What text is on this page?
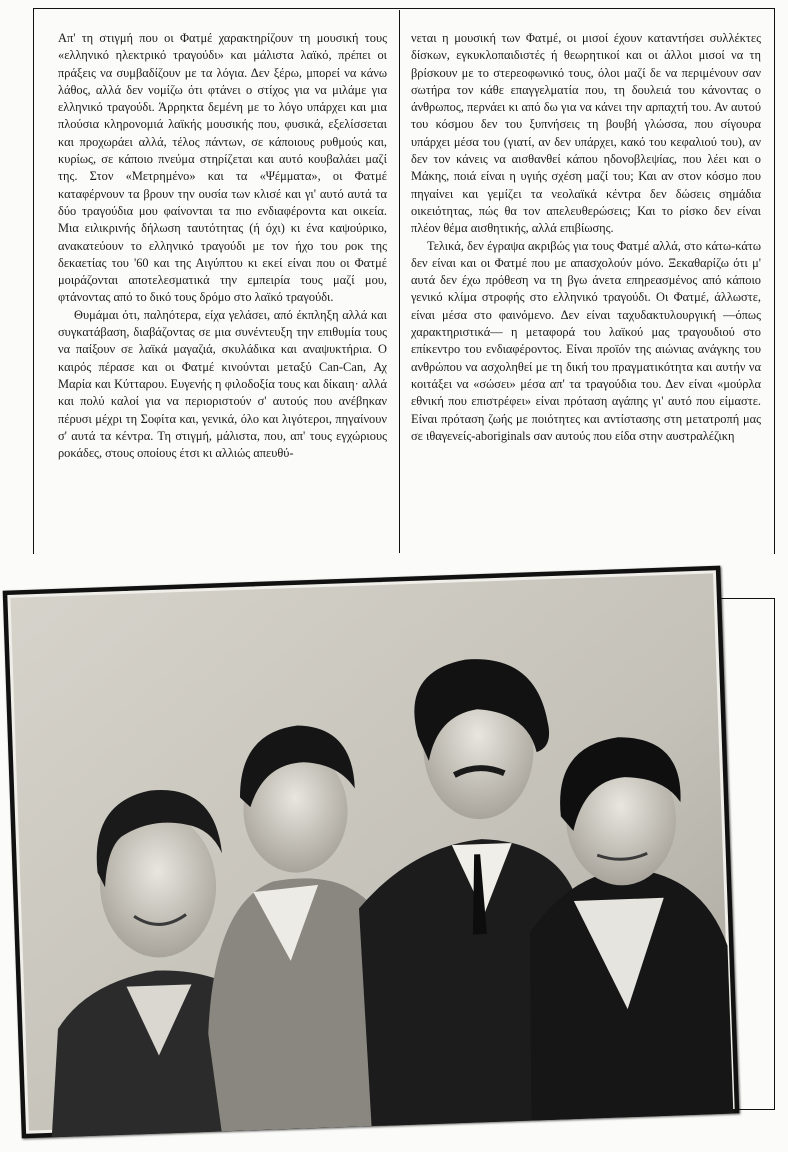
Απ' τη στιγμή που οι Φατμέ χαρακτηρίζουν τη μουσική τους «ελληνικό ηλεκτρικό τραγούδι» και μάλιστα λαϊκό, πρέπει οι πράξεις να συμβαδίζουν με τα λόγια. Δεν ξέρω, μπορεί να κάνω λάθος, αλλά δεν νομίζω ότι φτάνει ο στίχος για να μιλάμε για ελληνικό τραγούδι. Άρρηκτα δεμένη με το λόγο υπάρχει και μια πλούσια κληρονομιά λαϊκής μουσικής που, φυσικά, εξελίσσεται και προχωράει αλλά, τέλος πάντων, σε κάποιους ρυθμούς και, κυρίως, σε κάποιο πνεύμα στηρίζεται και αυτό κουβαλάει μαζί της. Στον «Μετρημένο» και τα «Ψέμματα», οι Φατμέ καταφέρνουν τα βρουν την ουσία των κλισέ και γι' αυτό αυτά τα δύο τραγούδια μου φαίνονται τα πιο ενδιαφέροντα και οικεία. Μια ειλικρινής δήλωση ταυτότητας (ή όχι) κι ένα καψούρικο, ανακατεύουν το ελληνικό τραγούδι με τον ήχο του ροκ της δεκαετίας του '60 και της Αιγύπτου κι εκεί είναι που οι Φατμέ μοιράζονται αποτελεσματικά την εμπειρία τους μαζί μου, φτάνοντας από το δικό τους δρόμο στο λαϊκό τραγούδι.

Θυμάμαι ότι, παληότερα, είχα γελάσει, από έκπληξη αλλά και συγκατάβαση, διαβάζοντας σε μια συνέντευξη την επιθυμία τους να παίξουν σε λαϊκά μαγαζιά, σκυλάδικα και αναψυκτήρια. Ο καιρός πέρασε και οι Φατμέ κινούνται μεταξύ Can-Can, Αχ Μαρία και Κύτταρου. Ευγενής η φιλοδοξία τους και δίκαιη· αλλά και πολύ καλοί για να περιοριστούν σ' αυτούς που ανέβηκαν πέρυσι μέχρι τη Σοφίτα και, γενικά, όλο και λιγότεροι, πηγαίνουν σ' αυτά τα κέντρα. Τη στιγμή, μάλιστα, που, απ' τους εγχώριους ροκάδες, στους οποίους έτσι κι αλλιώς απευθύ-

νεται η μουσική των Φατμέ, οι μισοί έχουν καταντήσει συλλέκτες δίσκων, εγκυκλοπαιδιστές ή θεωρητικοί και οι άλλοι μισοί να τη βρίσκουν με το στερεοφωνικό τους, όλοι μαζί δε να περιμένουν σαν σωτήρα τον κάθε επαγγελματία που, τη δουλειά του κάνοντας ο άνθρωπος, περνάει κι από δω για να κάνει την αρπαχτή του. Αν αυτού του κόσμου δεν του ξυπνήσεις τη βουβή γλώσσα, που σίγουρα υπάρχει μέσα του (γιατί, αν δεν υπάρχει, κακό του κεφαλιού του), αν δεν τον κάνεις να αισθανθεί κάπου ηδονοβλεψίας, που λέει και ο Μάκης, ποιά είναι η υγιής σχέση μαζί του; Και αν στον κόσμο που πηγαίνει και γεμίζει τα νεολαϊκά κέντρα δεν δώσεις σημάδια οικειότητας, πώς θα τον απελευθερώσεις; Και το ρίσκο δεν είναι πλέον θέμα αισθητικής, αλλά επιβίωσης.

Τελικά, δεν έγραψα ακριβώς για τους Φατμέ αλλά, στο κάτω-κάτω δεν είναι και οι Φατμέ που με απασχολούν μόνο. Ξεκαθαρίζω ότι μ' αυτά δεν έχω πρόθεση να τη βγω άνετα επηρεασμένος από κάποιο γενικό κλίμα στροφής στο ελληνικό τραγούδι. Οι Φατμέ, άλλωστε, είναι μέσα στο φαινόμενο. Δεν είναι ταχυδακτυλουργική —όπως χαρακτηριστικά— η μεταφορά του λαϊκού μας τραγουδιού στο επίκεντρο του ενδιαφέροντος. Είναι προϊόν της αιώνιας ανάγκης του ανθρώπου να ασχοληθεί με τη δική του πραγματικότητα και αυτήν να κοιτάξει να «σώσει» μέσα απ' τα τραγούδια του. Δεν είναι «μούρλα εθνική που επιστρέφει» είναι πρόταση αγάπης γι' αυτό που είμαστε. Είναι πρόταση ζωής με ποιότητες και αντίστασης στη μετατροπή μας σε ιθαγενείς-aboriginals σαν αυτούς που είδα στην αυστραλέζικη
